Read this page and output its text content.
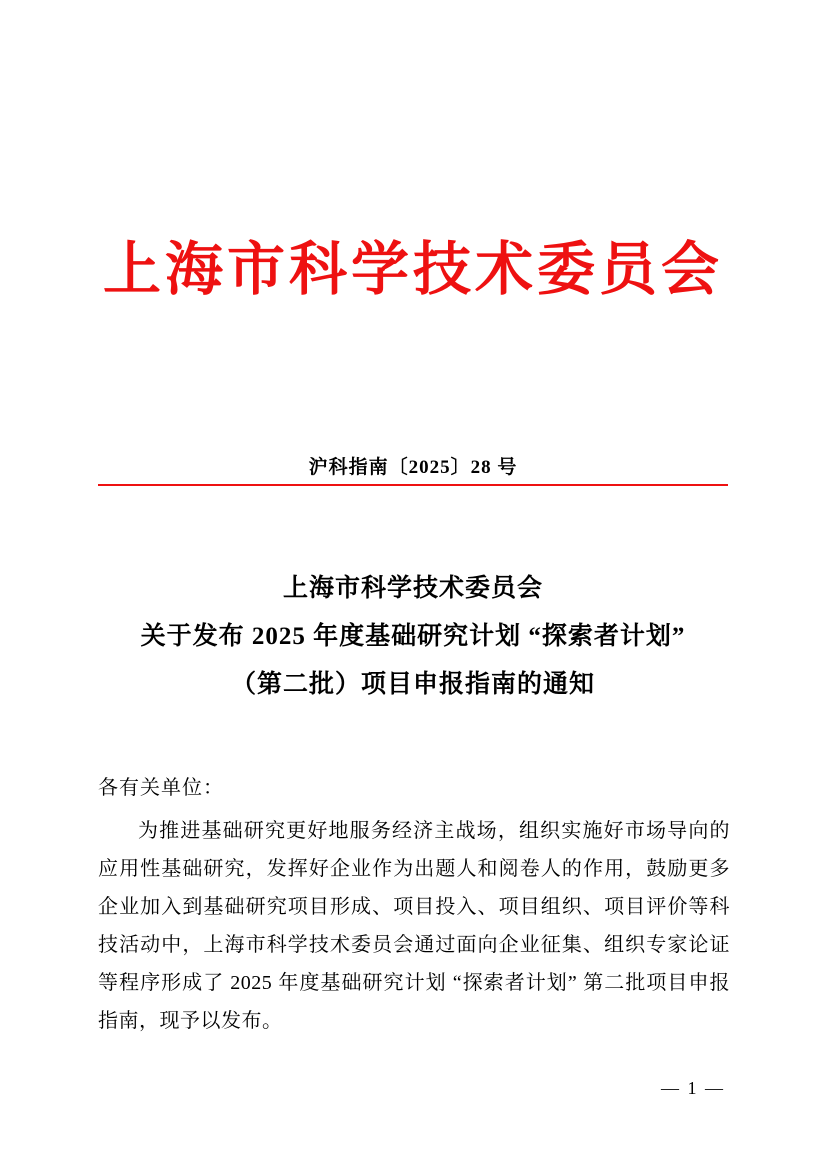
上海市科学技术委员会
沪科指南〔2025〕28 号
上海市科学技术委员会
关于发布 2025 年度基础研究计划 “探索者计划”
（第二批）项目申报指南的通知
各有关单位：
为推进基础研究更好地服务经济主战场，组织实施好市场导向的应用性基础研究，发挥好企业作为出题人和阅卷人的作用，鼓励更多企业加入到基础研究项目形成、项目投入、项目组织、项目评价等科技活动中，上海市科学技术委员会通过面向企业征集、组织专家论证等程序形成了 2025 年度基础研究计划 “探索者计划” 第二批项目申报指南，现予以发布。
— 1 —
